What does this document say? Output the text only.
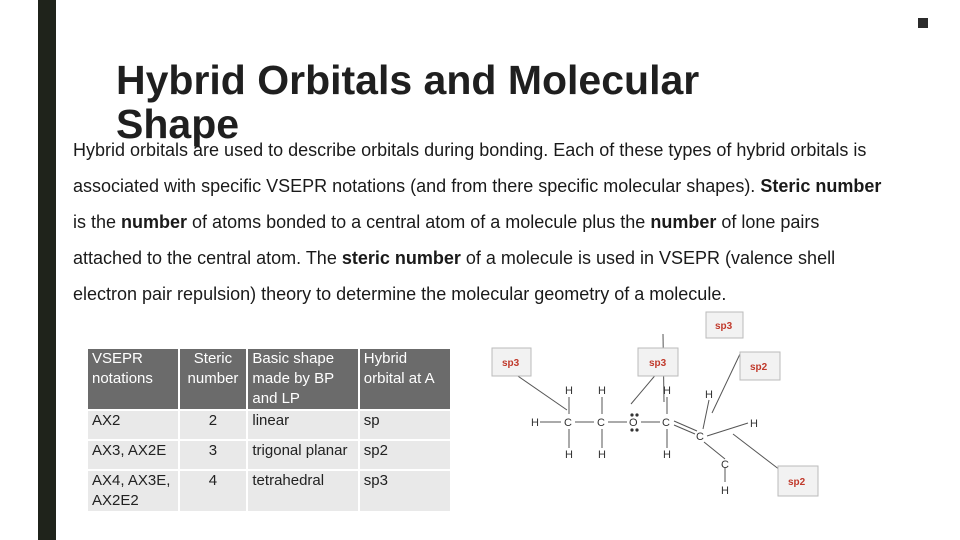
Hybrid Orbitals and Molecular Shape

Hybrid orbitals are used to describe orbitals during bonding. Each of these types of hybrid orbitals is associated with specific VSEPR notations (and from there specific molecular shapes). Steric number is the number of atoms bonded to a central atom of a molecule plus the number of lone pairs attached to the central atom. The steric number of a molecule is used in VSEPR (valence shell electron pair repulsion) theory to determine the molecular geometry of a molecule.

VSEPR notations	Steric number	Basic shape made by BP and LP	Hybrid orbital at A
AX2	2	linear	sp
AX3, AX2E	3	trigonal planar	sp2
AX4, AX3E, AX2E2	4	tetrahedral	sp3
H C C O C
C
C
H H	H	H
H
H H	H
H
sp3	sp3
sp3
sp2
sp2
